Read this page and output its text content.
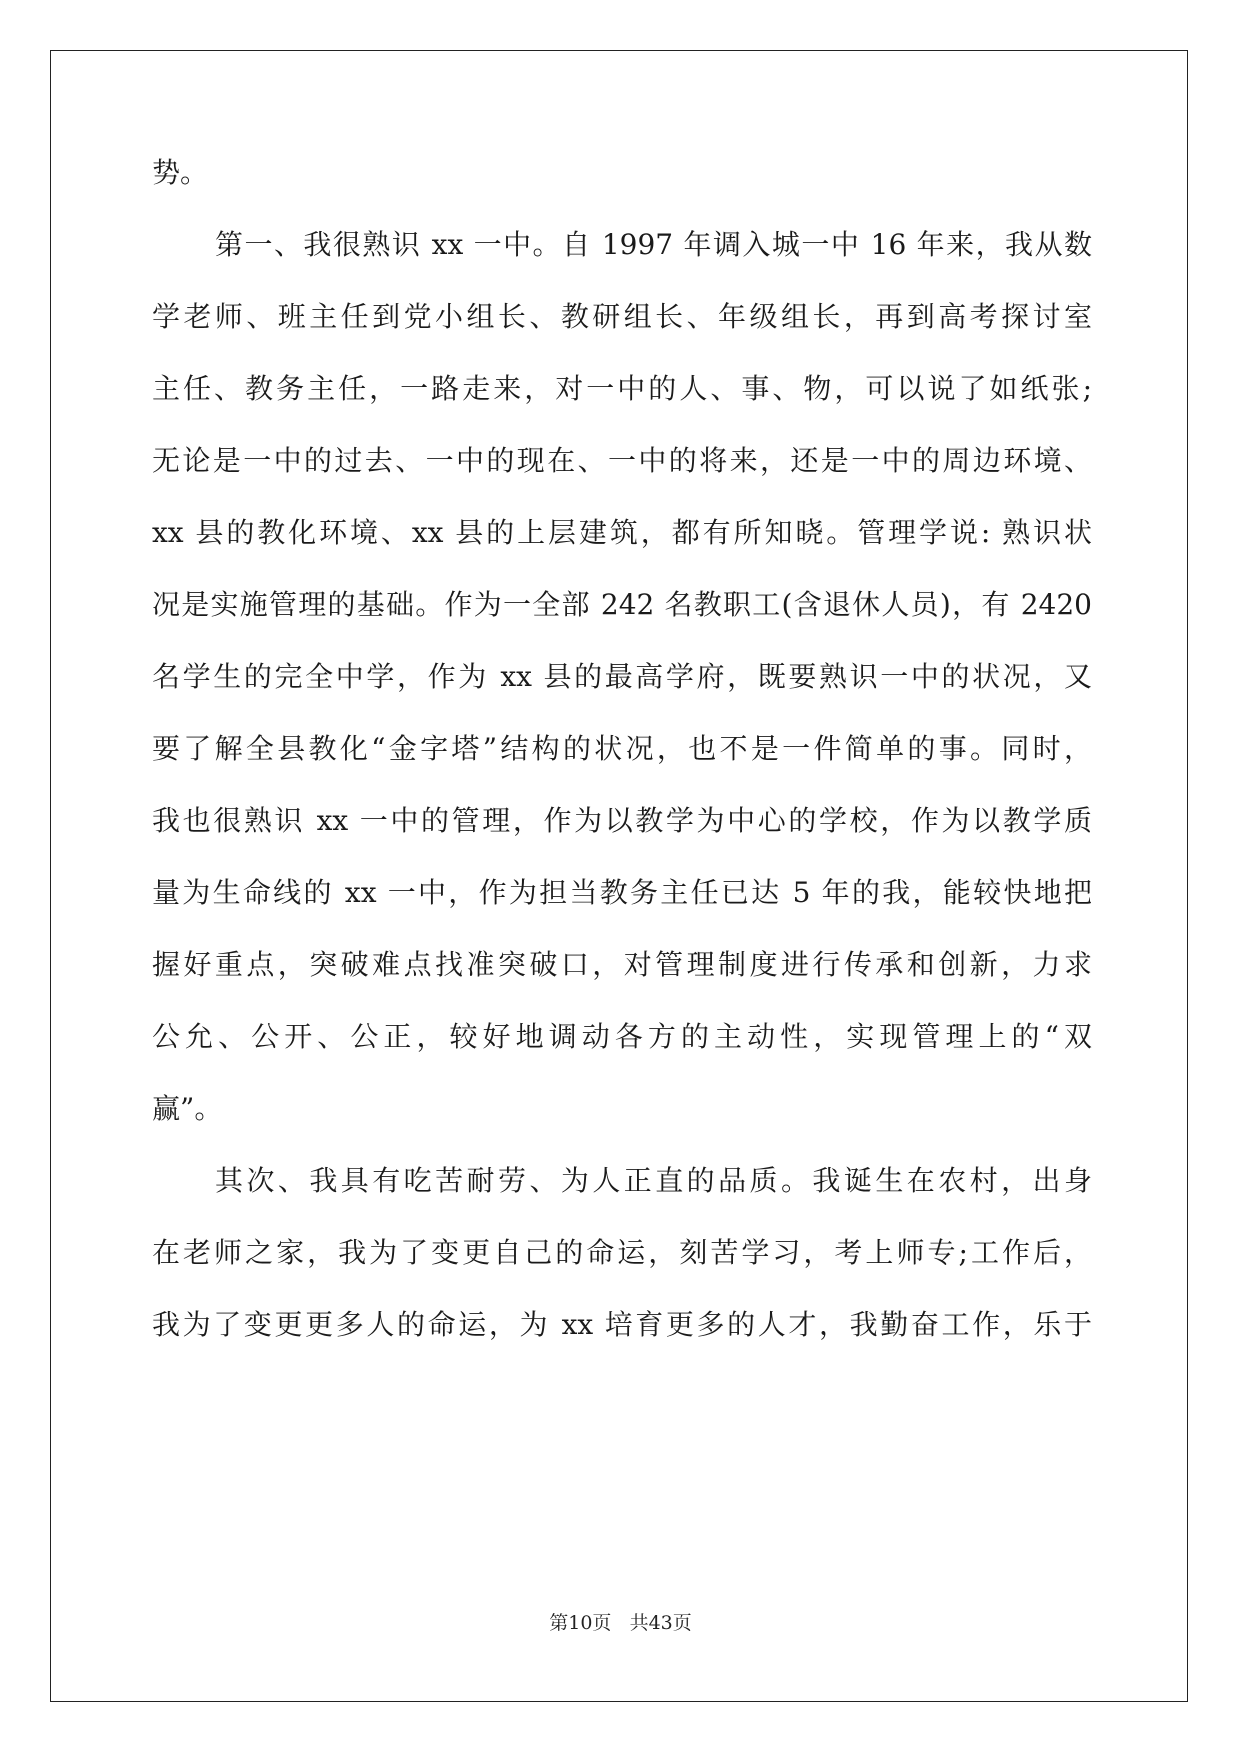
势。
第一、我很熟识 xx 一中。自 1997 年调入城一中 16 年来，我从数
学老师、班主任到党小组长、教研组长、年级组长，再到高考探讨室
主任、教务主任，一路走来，对一中的人、事、物，可以说了如纸张;
无论是一中的过去、一中的现在、一中的将来，还是一中的周边环境、
xx 县的教化环境、xx 县的上层建筑，都有所知晓。管理学说: 熟识状
况是实施管理的基础。作为一全部 242 名教职工(含退休人员)，有 2420
名学生的完全中学，作为 xx 县的最高学府，既要熟识一中的状况，又
要了解全县教化“金字塔”结构的状况，也不是一件简单的事。同时，
我也很熟识 xx 一中的管理，作为以教学为中心的学校，作为以教学质
量为生命线的 xx 一中，作为担当教务主任已达 5 年的我，能较快地把
握好重点，突破难点找准突破口，对管理制度进行传承和创新，力求
公允、公开、公正，较好地调动各方的主动性，实现管理上的“双
赢”。
其次、我具有吃苦耐劳、为人正直的品质。我诞生在农村，出身
在老师之家，我为了变更自己的命运，刻苦学习，考上师专;工作后，
我为了变更更多人的命运，为 xx 培育更多的人才，我勤奋工作，乐于
第10页 共43页
